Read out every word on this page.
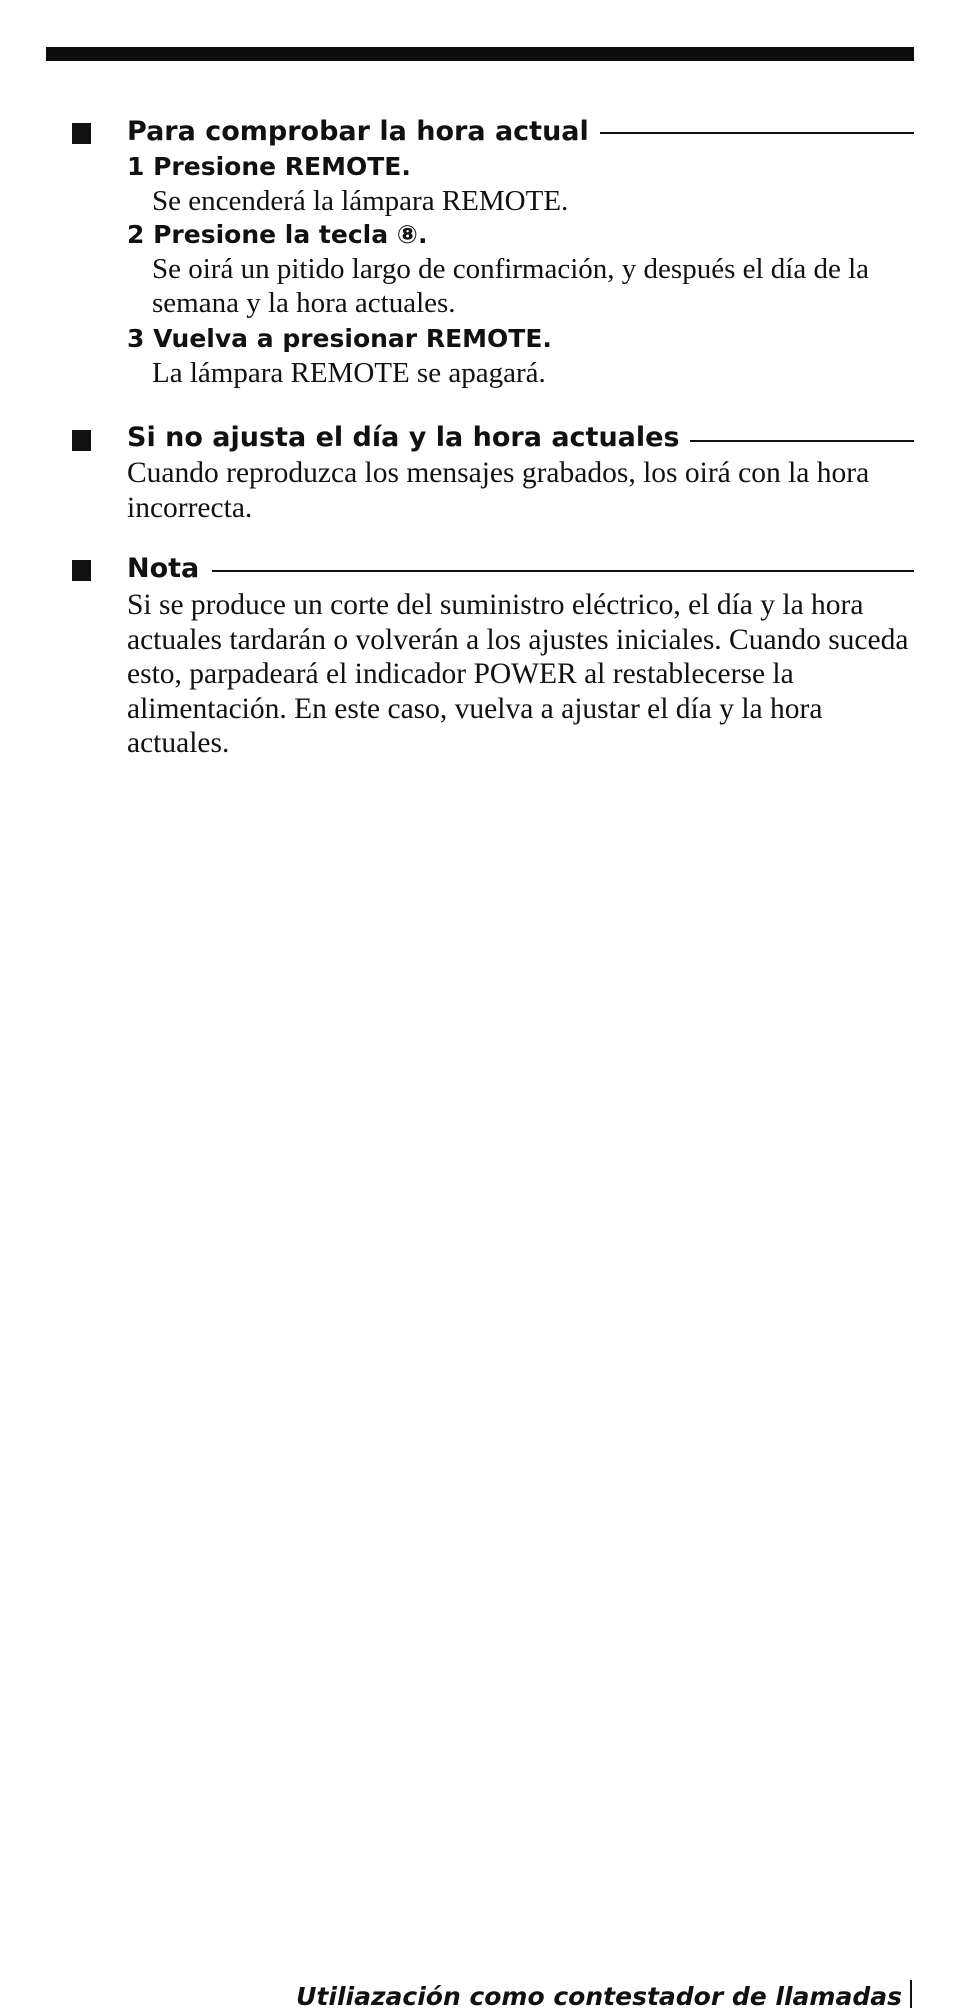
Para comprobar la hora actual
1 Presione REMOTE.
Se encenderá la lámpara REMOTE.
2 Presione la tecla ⑧.
Se oirá un pitido largo de confirmación, y después el día de la semana y la hora actuales.
3 Vuelva a presionar REMOTE.
La lámpara REMOTE se apagará.
Si no ajusta el día y la hora actuales
Cuando reproduzca los mensajes grabados, los oirá con la hora incorrecta.
Nota
Si se produce un corte del suministro eléctrico, el día y la hora actuales tardarán o volverán a los ajustes iniciales. Cuando suceda esto, parpadeará el indicador POWER al restablecerse la alimentación. En este caso, vuelva a ajustar el día y la hora actuales.
Utiliazación como contestador de llamadas
